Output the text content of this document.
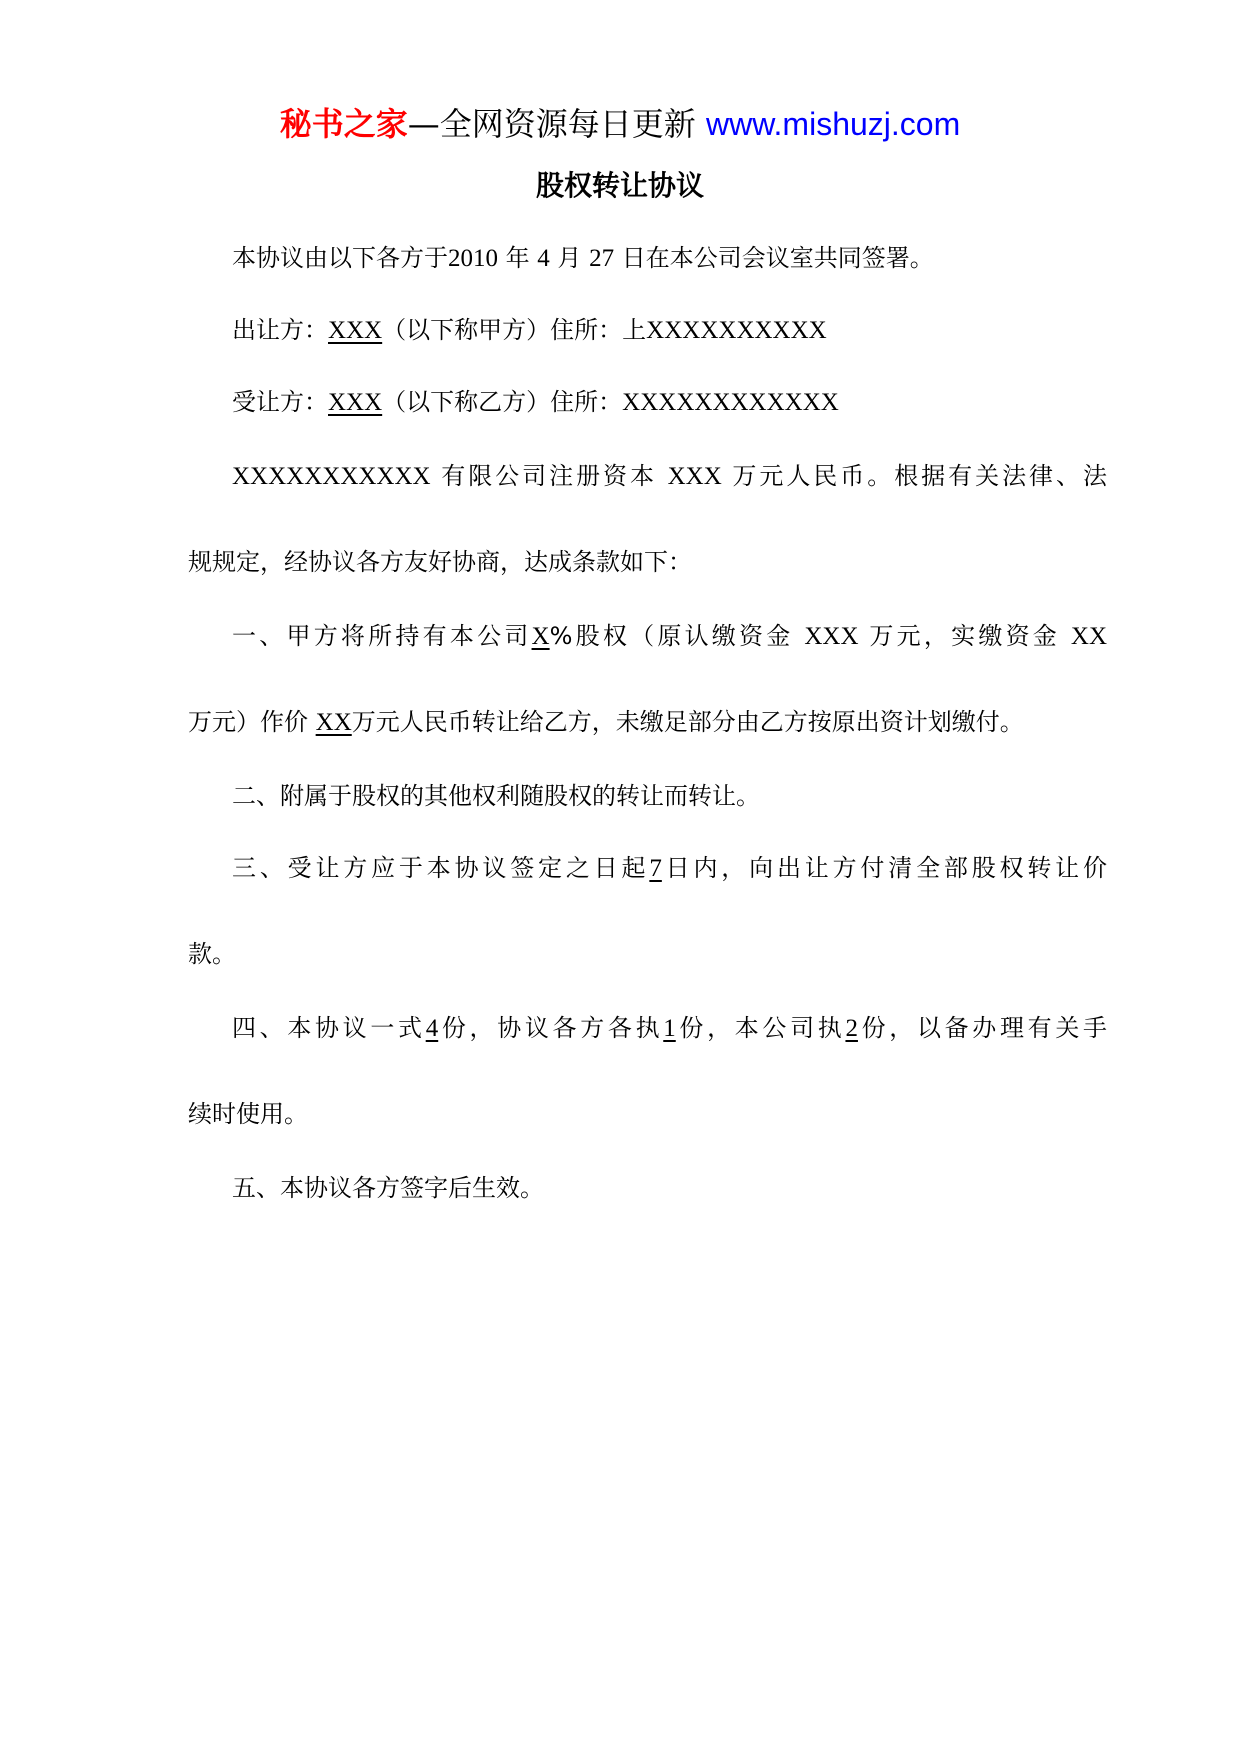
秘书之家—全网资源每日更新 www.mishuzj.com
股权转让协议
本协议由以下各方于2010 年 4 月 27 日在本公司会议室共同签署。
出让方：XXX（以下称甲方）住所：上XXXXXXXXXX
受让方：XXX（以下称乙方）住所：XXXXXXXXXXXX
XXXXXXXXXXX 有限公司注册资本 XXX 万元人民币。根据有关法律、法
规规定，经协议各方友好协商，达成条款如下：
一、甲方将所持有本公司X%股权（原认缴资金 XXX 万元，实缴资金 XX
万元）作价 XX万元人民币转让给乙方，未缴足部分由乙方按原出资计划缴付。
二、附属于股权的其他权利随股权的转让而转让。
三、受让方应于本协议签定之日起7日内，向出让方付清全部股权转让价
款。
四、本协议一式4份，协议各方各执1份，本公司执2份，以备办理有关手
续时使用。
五、本协议各方签字后生效。
